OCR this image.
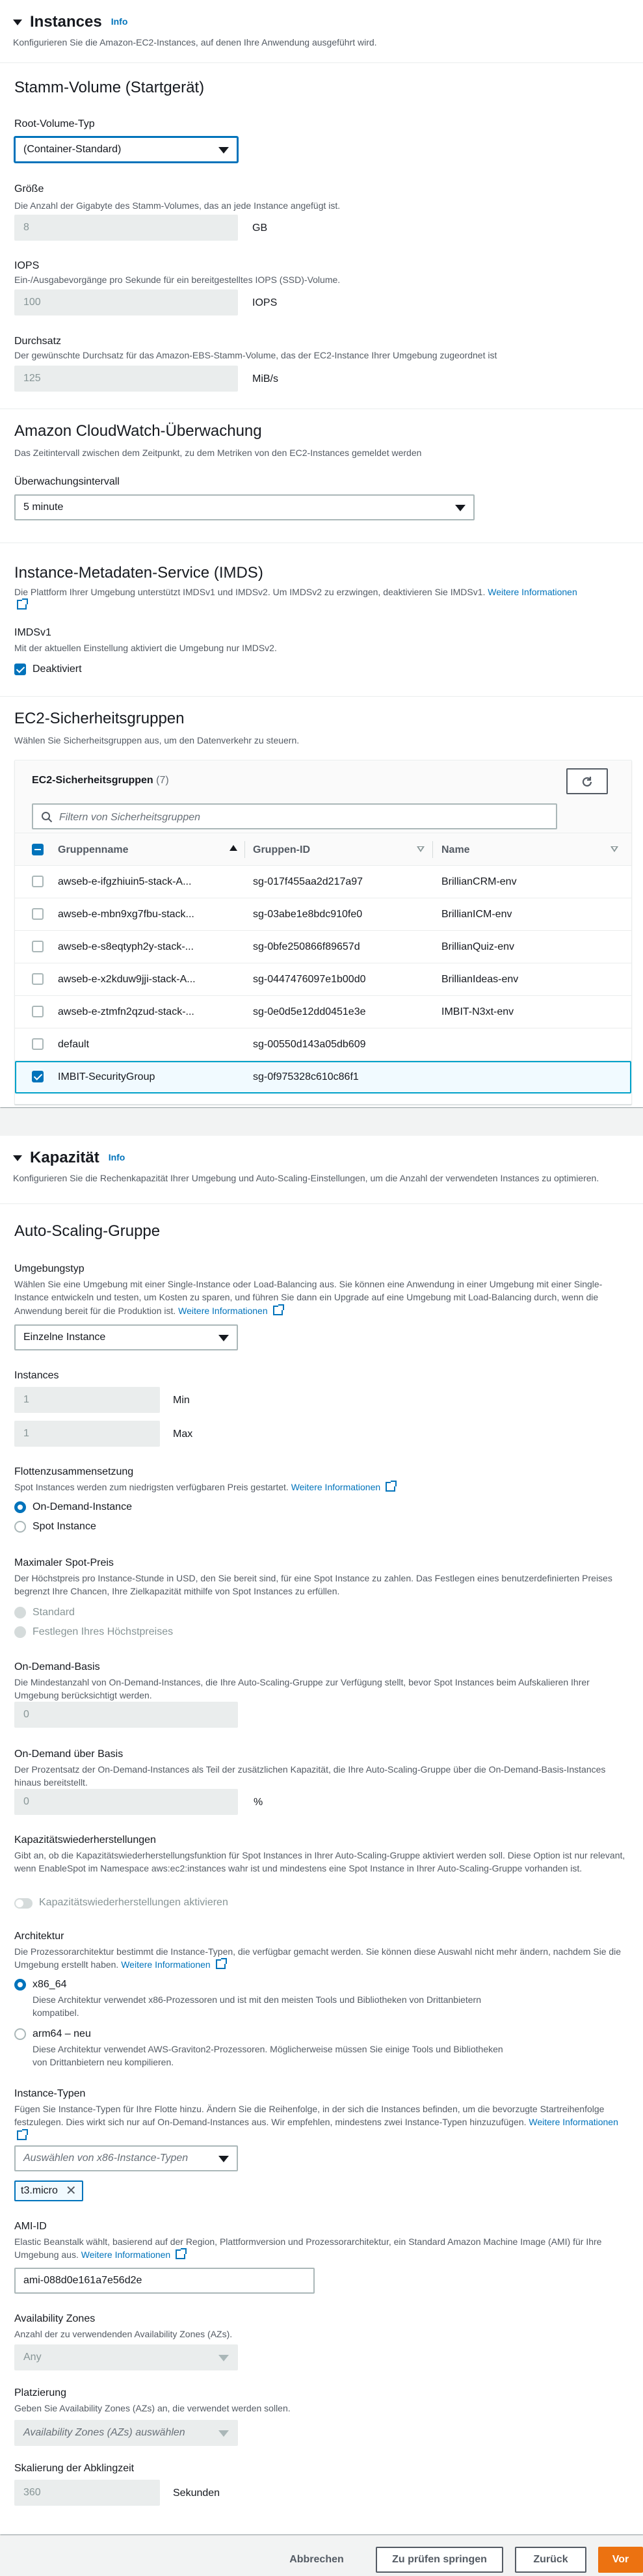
Instances Info
Konfigurieren Sie die Amazon-EC2-Instances, auf denen Ihre Anwendung ausgeführt wird.
Stamm-Volume (Startgerät)
Root-Volume-Typ
(Container-Standard)
Größe
Die Anzahl der Gigabyte des Stamm-Volumes, das an jede Instance angefügt ist.
8	GB
IOPS
Ein-/Ausgabevorgänge pro Sekunde für ein bereitgestelltes IOPS (SSD)-Volume.
100	IOPS
Durchsatz
Der gewünschte Durchsatz für das Amazon-EBS-Stamm-Volume, das der EC2-Instance Ihrer Umgebung zugeordnet ist
125	MiB/s
Amazon CloudWatch-Überwachung
Das Zeitintervall zwischen dem Zeitpunkt, zu dem Metriken von den EC2-Instances gemeldet werden
Überwachungsintervall
5 minute
Instance-Metadaten-Service (IMDS)
Die Plattform Ihrer Umgebung unterstützt IMDSv1 und IMDSv2. Um IMDSv2 zu erzwingen, deaktivieren Sie IMDSv1. Weitere Informationen

IMDSv1
Mit der aktuellen Einstellung aktiviert die Umgebung nur IMDSv2.
Deaktiviert
EC2-Sicherheitsgruppen
Wählen Sie Sicherheitsgruppen aus, um den Datenverkehr zu steuern.
EC2-Sicherheitsgruppen (7)
Filtern von Sicherheitsgruppen
Gruppenname	Gruppen-ID	Name
awseb-e-ifgzhiuin5-stack-A...	sg-017f455aa2d217a97	BrillianCRM-env
awseb-e-mbn9xg7fbu-stack...	sg-03abe1e8bdc910fe0	BrillianICM-env
awseb-e-s8eqtyph2y-stack-...	sg-0bfe250866f89657d	BrillianQuiz-env
awseb-e-x2kduw9jji-stack-A...	sg-0447476097e1b00d0	BrillianIdeas-env
awseb-e-ztmfn2qzud-stack-...	sg-0e0d5e12dd0451e3e	IMBIT-N3xt-env
default	sg-00550d143a05db609
IMBIT-SecurityGroup	sg-0f975328c610c86f1
Kapazität Info
Konfigurieren Sie die Rechenkapazität Ihrer Umgebung und Auto-Scaling-Einstellungen, um die Anzahl der verwendeten Instances zu optimieren.
Auto-Scaling-Gruppe
Umgebungstyp
Wählen Sie eine Umgebung mit einer Single-Instance oder Load-Balancing aus. Sie können eine Anwendung in einer Umgebung mit einer Single-Instance entwickeln und testen, um Kosten zu sparen, und führen Sie dann ein Upgrade auf eine Umgebung mit Load-Balancing durch, wenn die Anwendung bereit für die Produktion ist. Weitere Informationen
Einzelne Instance
Instances
1	Min
1	Max
Flottenzusammensetzung
Spot Instances werden zum niedrigsten verfügbaren Preis gestartet. Weitere Informationen
On-Demand-Instance
Spot Instance
Maximaler Spot-Preis
Der Höchstpreis pro Instance-Stunde in USD, den Sie bereit sind, für eine Spot Instance zu zahlen. Das Festlegen eines benutzerdefinierten Preises begrenzt Ihre Chancen, Ihre Zielkapazität mithilfe von Spot Instances zu erfüllen.
Standard
Festlegen Ihres Höchstpreises
On-Demand-Basis
Die Mindestanzahl von On-Demand-Instances, die Ihre Auto-Scaling-Gruppe zur Verfügung stellt, bevor Spot Instances beim Aufskalieren Ihrer Umgebung berücksichtigt werden.
0
On-Demand über Basis
Der Prozentsatz der On-Demand-Instances als Teil der zusätzlichen Kapazität, die Ihre Auto-Scaling-Gruppe über die On-Demand-Basis-Instances hinaus bereitstellt.
0	%
Kapazitätswiederherstellungen
Gibt an, ob die Kapazitätswiederherstellungsfunktion für Spot Instances in Ihrer Auto-Scaling-Gruppe aktiviert werden soll. Diese Option ist nur relevant, wenn EnableSpot im Namespace aws:ec2:instances wahr ist und mindestens eine Spot Instance in Ihrer Auto-Scaling-Gruppe vorhanden ist.
Kapazitätswiederherstellungen aktivieren
Architektur
Die Prozessorarchitektur bestimmt die Instance-Typen, die verfügbar gemacht werden. Sie können diese Auswahl nicht mehr ändern, nachdem Sie die Umgebung erstellt haben. Weitere Informationen
x86_64
Diese Architektur verwendet x86-Prozessoren und ist mit den meisten Tools und Bibliotheken von Drittanbietern kompatibel.
arm64 – neu
Diese Architektur verwendet AWS-Graviton2-Prozessoren. Möglicherweise müssen Sie einige Tools und Bibliotheken von Drittanbietern neu kompilieren.
Instance-Typen
Fügen Sie Instance-Typen für Ihre Flotte hinzu. Ändern Sie die Reihenfolge, in der sich die Instances befinden, um die bevorzugte Startreihenfolge festzulegen. Dies wirkt sich nur auf On-Demand-Instances aus. Wir empfehlen, mindestens zwei Instance-Typen hinzuzufügen. Weitere Informationen
Auswählen von x86-Instance-Typen
t3.micro ✕
AMI-ID
Elastic Beanstalk wählt, basierend auf der Region, Plattformversion und Prozessorarchitektur, ein Standard Amazon Machine Image (AMI) für Ihre Umgebung aus. Weitere Informationen
ami-088d0e161a7e56d2e
Availability Zones
Anzahl der zu verwendenden Availability Zones (AZs).
Any
Platzierung
Geben Sie Availability Zones (AZs) an, die verwendet werden sollen.
Availability Zones (AZs) auswählen
Skalierung der Abklingzeit
360	Sekunden
Abbrechen	Zu prüfen springen	Zurück	Vor
